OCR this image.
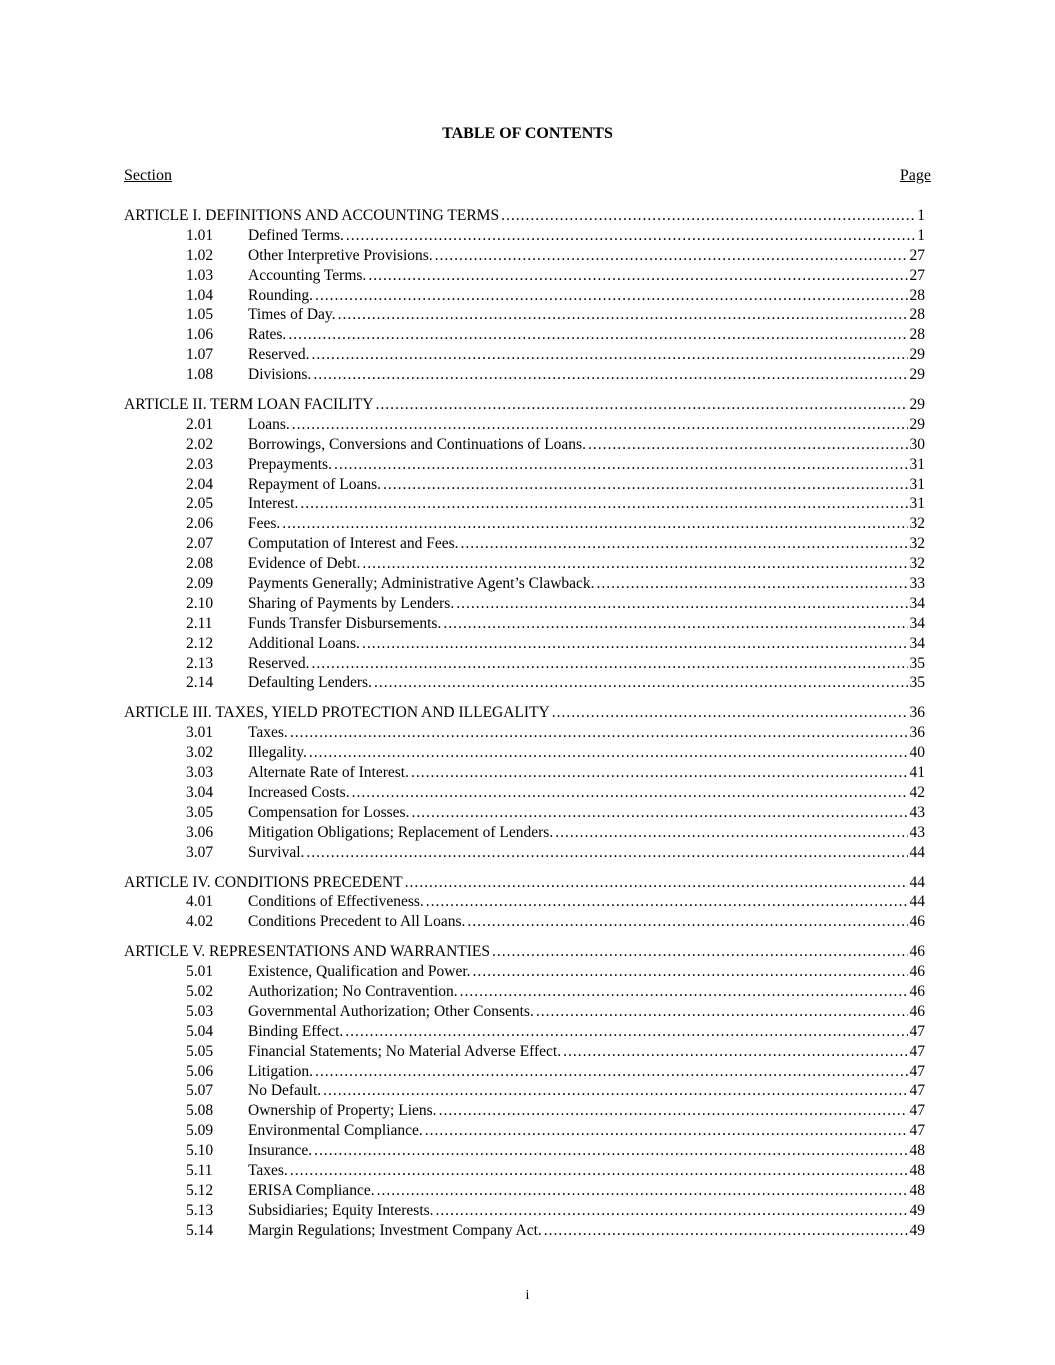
TABLE OF CONTENTS
Section	Page
ARTICLE I. DEFINITIONS AND ACCOUNTING TERMS .....	1
1.01	Defined Terms. .....	1
1.02	Other Interpretive Provisions. .....	27
1.03	Accounting Terms. .....	27
1.04	Rounding. .....	28
1.05	Times of Day. .....	28
1.06	Rates. .....	28
1.07	Reserved. .....	29
1.08	Divisions. .....	29
ARTICLE II. TERM LOAN FACILITY .....	29
2.01	Loans. .....	29
2.02	Borrowings, Conversions and Continuations of Loans. .....	30
2.03	Prepayments. .....	31
2.04	Repayment of Loans. .....	31
2.05	Interest. .....	31
2.06	Fees. .....	32
2.07	Computation of Interest and Fees. .....	32
2.08	Evidence of Debt. .....	32
2.09	Payments Generally; Administrative Agent’s Clawback. .....	33
2.10	Sharing of Payments by Lenders. .....	34
2.11	Funds Transfer Disbursements. .....	34
2.12	Additional Loans. .....	34
2.13	Reserved. .....	35
2.14	Defaulting Lenders. .....	35
ARTICLE III. TAXES, YIELD PROTECTION AND ILLEGALITY .....	36
3.01	Taxes. .....	36
3.02	Illegality. .....	40
3.03	Alternate Rate of Interest. .....	41
3.04	Increased Costs. .....	42
3.05	Compensation for Losses. .....	43
3.06	Mitigation Obligations; Replacement of Lenders. .....	43
3.07	Survival. .....	44
ARTICLE IV. CONDITIONS PRECEDENT .....	44
4.01	Conditions of Effectiveness. .....	44
4.02	Conditions Precedent to All Loans. .....	46
ARTICLE V. REPRESENTATIONS AND WARRANTIES .....	46
5.01	Existence, Qualification and Power. .....	46
5.02	Authorization; No Contravention. .....	46
5.03	Governmental Authorization; Other Consents. .....	46
5.04	Binding Effect. .....	47
5.05	Financial Statements; No Material Adverse Effect. .....	47
5.06	Litigation. .....	47
5.07	No Default. .....	47
5.08	Ownership of Property; Liens. .....	47
5.09	Environmental Compliance. .....	47
5.10	Insurance. .....	48
5.11	Taxes. .....	48
5.12	ERISA Compliance. .....	48
5.13	Subsidiaries; Equity Interests. .....	49
5.14	Margin Regulations; Investment Company Act. .....	49
i
